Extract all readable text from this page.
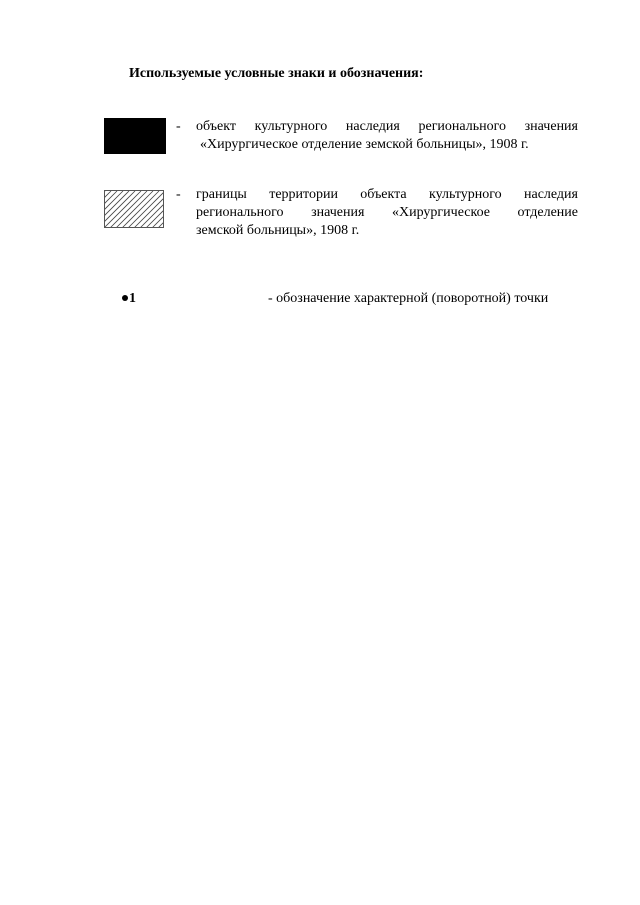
Используемые условные знаки и обозначения:
- объект культурного наследия регионального значения
«Хирургическое отделение земской больницы», 1908 г.
- границы территории объекта культурного наследия
регионального значения «Хирургическое отделение
земской больницы», 1908 г.
1	- обозначение характерной (поворотной) точки
